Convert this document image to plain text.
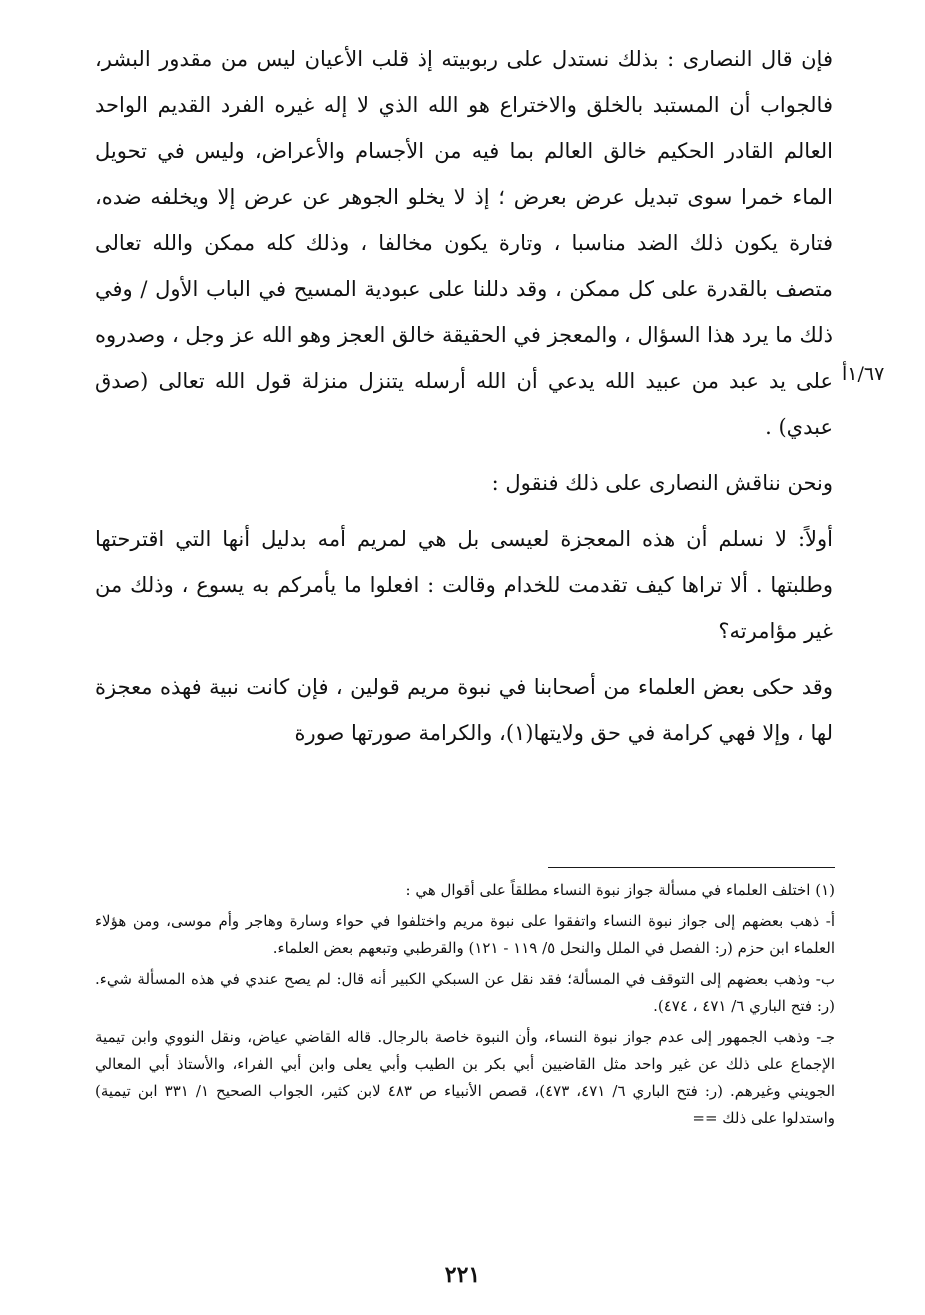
فإن قال النصارى : بذلك نستدل على ربوبيته إذ قلب الأعيان ليس من مقدور البشر، فالجواب أن المستبد بالخلق والاختراع هو الله الذي لا إله غيره الفرد القديم الواحد العالم القادر الحكيم خالق العالم بما فيه من الأجسام والأعراض، وليس في تحويل الماء خمرا سوى تبديل عرض بعرض ؛ إذ لا يخلو الجوهر عن عرض إلا ويخلفه ضده، فتارة يكون ذلك الضد مناسبا ، وتارة يكون مخالفا ، وذلك كله ممكن والله تعالى متصف بالقدرة على كل ممكن ، وقد دللنا على عبودية المسيح في الباب الأول / وفي ذلك ما يرد هذا السؤال ، والمعجز في الحقيقة خالق العجز وهو الله عز وجل ، وصدروه على يد عبد من عبيد الله يدعي أن الله أرسله يتنزل منزلة قول الله تعالى (صدق عبدي) .

ونحن نناقش النصارى على ذلك فنقول :

أولاً: لا نسلم أن هذه المعجزة لعيسى بل هي لمريم أمه بدليل أنها التي اقترحتها وطلبتها . ألا تراها كيف تقدمت للخدام وقالت : افعلوا ما يأمركم به يسوع ، وذلك من غير مؤامرته؟

وقد حكى بعض العلماء من أصحابنا في نبوة مريم قولين ، فإن كانت نبية فهذه معجزة لها ، وإلا فهي كرامة في حق ولايتها(١)، والكرامة صورتها صورة

١/٦٧أ

(١) اختلف العلماء في مسألة جواز نبوة النساء مطلقاً على أقوال هي :

أ- ذهب بعضهم إلى جواز نبوة النساء واتفقوا على نبوة مريم واختلفوا في حواء وسارة وهاجر وأم موسى، ومن هؤلاء العلماء ابن حزم (ر: الفصل في الملل والنحل ٥/ ١١٩ - ١٢١) والقرطبي وتبعهم بعض العلماء.

ب- وذهب بعضهم إلى التوقف في المسألة؛ فقد نقل عن السبكي الكبير أنه قال: لم يصح عندي في هذه المسألة شيء. (ر: فتح الباري ٦/ ٤٧١ ، ٤٧٤).

جـ- وذهب الجمهور إلى عدم جواز نبوة النساء، وأن النبوة خاصة بالرجال. قاله القاضي عياض، ونقل النووي وابن تيمية الإجماع على ذلك عن غير واحد مثل القاضيين أبي بكر بن الطيب وأبي يعلى وابن أبي الفراء، والأستاذ أبي المعالي الجويني وغيرهم. (ر: فتح الباري ٦/ ٤٧١، ٤٧٣)، قصص الأنبياء ص ٤٨٣ لابن كثير، الجواب الصحيح ١/ ٣٣١ ابن تيمية) واستدلوا على ذلك ==

٢٢١
